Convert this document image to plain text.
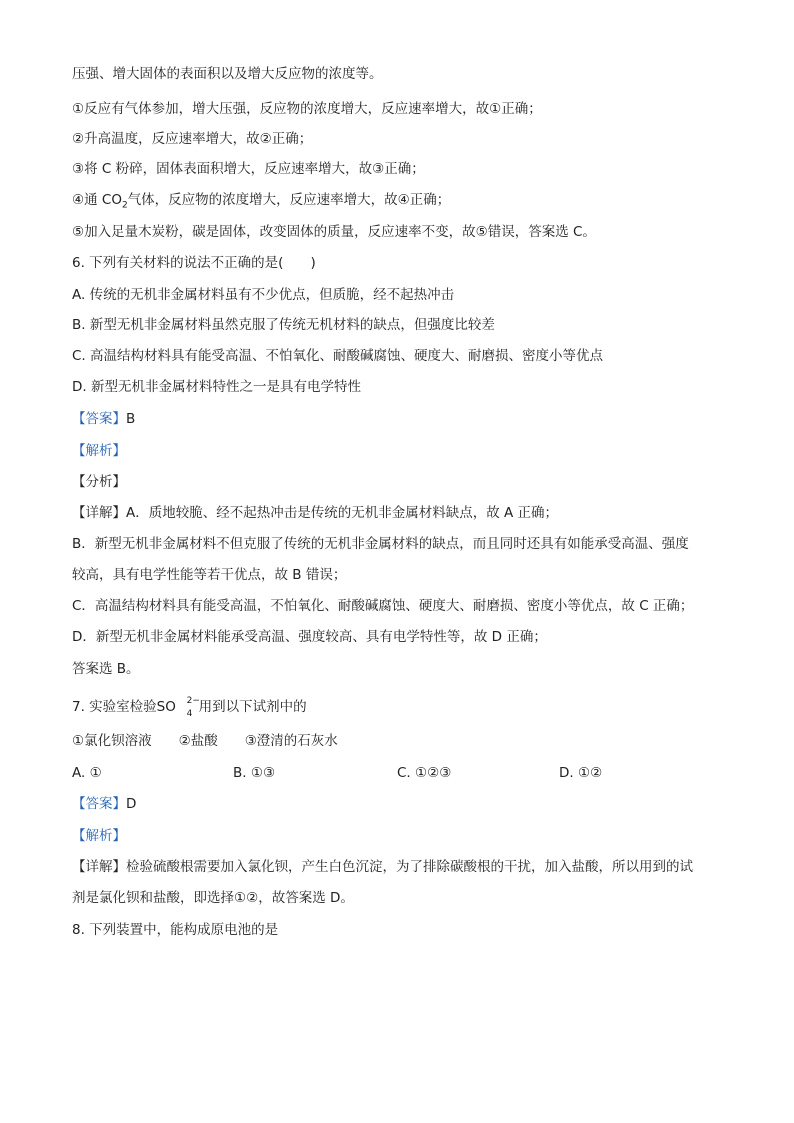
压强、增大固体的表面积以及增大反应物的浓度等。
①反应有气体参加，增大压强，反应物的浓度增大，反应速率增大，故①正确；
②升高温度，反应速率增大，故②正确；
③将 C 粉碎，固体表面积增大，反应速率增大，故③正确；
④通 $CO_2$气体，反应物的浓度增大，反应速率增大，故④正确；
⑤加入足量木炭粉，碳是固体，改变固体的质量，反应速率不变，故⑤错误，答案选 C。
6. 下列有关材料的说法不正确的是(　　)
A. 传统的无机非金属材料虽有不少优点，但质脆，经不起热冲击
B. 新型无机非金属材料虽然克服了传统无机材料的缺点，但强度比较差
C. 高温结构材料具有能受高温、不怕氧化、耐酸碱腐蚀、硬度大、耐磨损、密度小等优点
D. 新型无机非金属材料特性之一是具有电学特性
【答案】B
【解析】
【分析】
【详解】A．质地较脆、经不起热冲击是传统的无机非金属材料缺点，故 A 正确；
B．新型无机非金属材料不但克服了传统的无机非金属材料的缺点，而且同时还具有如能承受高温、强度
较高，具有电学性能等若干优点，故 B 错误；
C．高温结构材料具有能受高温，不怕氧化、耐酸碱腐蚀、硬度大、耐磨损、密度小等优点，故 C 正确；
D．新型无机非金属材料能承受高温、强度较高、具有电学特性等，故 D 正确；
答案选 B。
7. 实验室检验SO 2−
4 用到以下试剂中的
①氯化钡溶液　　②盐酸　　③澄清的石灰水
A. ①	B. ①③	C. ①②③	D. ①②
【答案】D
【解析】
【详解】检验硫酸根需要加入氯化钡，产生白色沉淀，为了排除碳酸根的干扰，加入盐酸，所以用到的试
剂是氯化钡和盐酸，即选择①②，故答案选 D。
8. 下列装置中，能构成原电池的是
